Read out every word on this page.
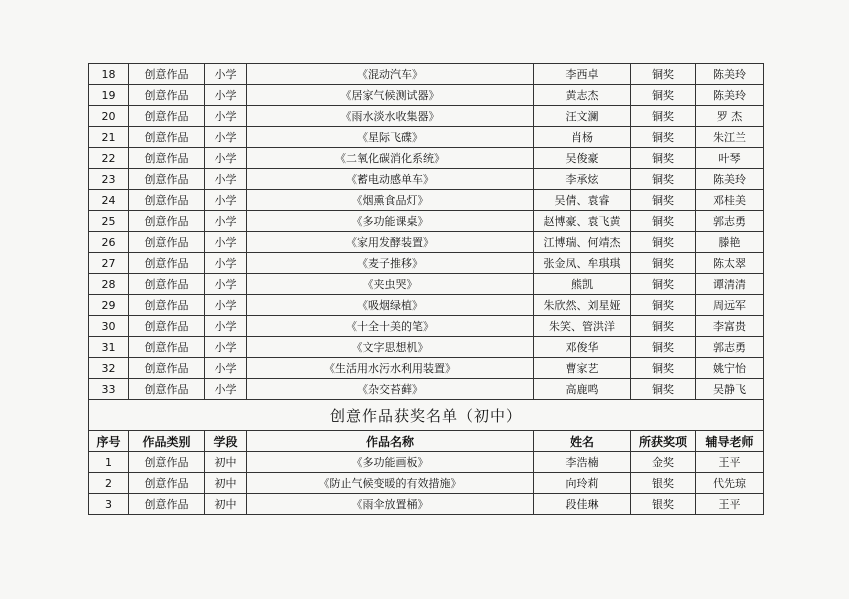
18	创意作品	小学	《混动汽车》	李西卓	铜奖	陈美玲
19	创意作品	小学	《居家气候测试器》	黄志杰	铜奖	陈美玲
20	创意作品	小学	《雨水淡水收集器》	汪文澜	铜奖	罗 杰
21	创意作品	小学	《星际飞碟》	肖杨	铜奖	朱江兰
22	创意作品	小学	《二氧化碳消化系统》	吴俊豪	铜奖	叶琴
23	创意作品	小学	《蓄电动感单车》	李承炫	铜奖	陈美玲
24	创意作品	小学	《烟熏食品灯》	吴倩、袁睿	铜奖	邓桂美
25	创意作品	小学	《多功能课桌》	赵博豪、袁飞黄	铜奖	郭志勇
26	创意作品	小学	《家用发酵装置》	江博瑞、何靖杰	铜奖	滕艳
27	创意作品	小学	《麦子推移》	张金凤、牟琪琪	铜奖	陈太翠
28	创意作品	小学	《夹虫哭》	熊凯	铜奖	谭清清
29	创意作品	小学	《吸烟绿植》	朱欣然、刘星娅	铜奖	周远军
30	创意作品	小学	《十全十美的笔》	朱笑、管洪洋	铜奖	李富贵
31	创意作品	小学	《文字思想机》	邓俊华	铜奖	郭志勇
32	创意作品	小学	《生活用水污水利用装置》	曹家艺	铜奖	姚宁怡
33	创意作品	小学	《杂交苔藓》	高鹿鸣	铜奖	吴静飞
创意作品获奖名单（初中）						
序号	作品类别	学段	作品名称	姓名	所获奖项	辅导老师
1	创意作品	初中	《多功能画板》	李浩楠	金奖	王平
2	创意作品	初中	《防止气候变暖的有效措施》	向玲莉	银奖	代先琼
3	创意作品	初中	《雨伞放置桶》	段佳琳	银奖	王平
